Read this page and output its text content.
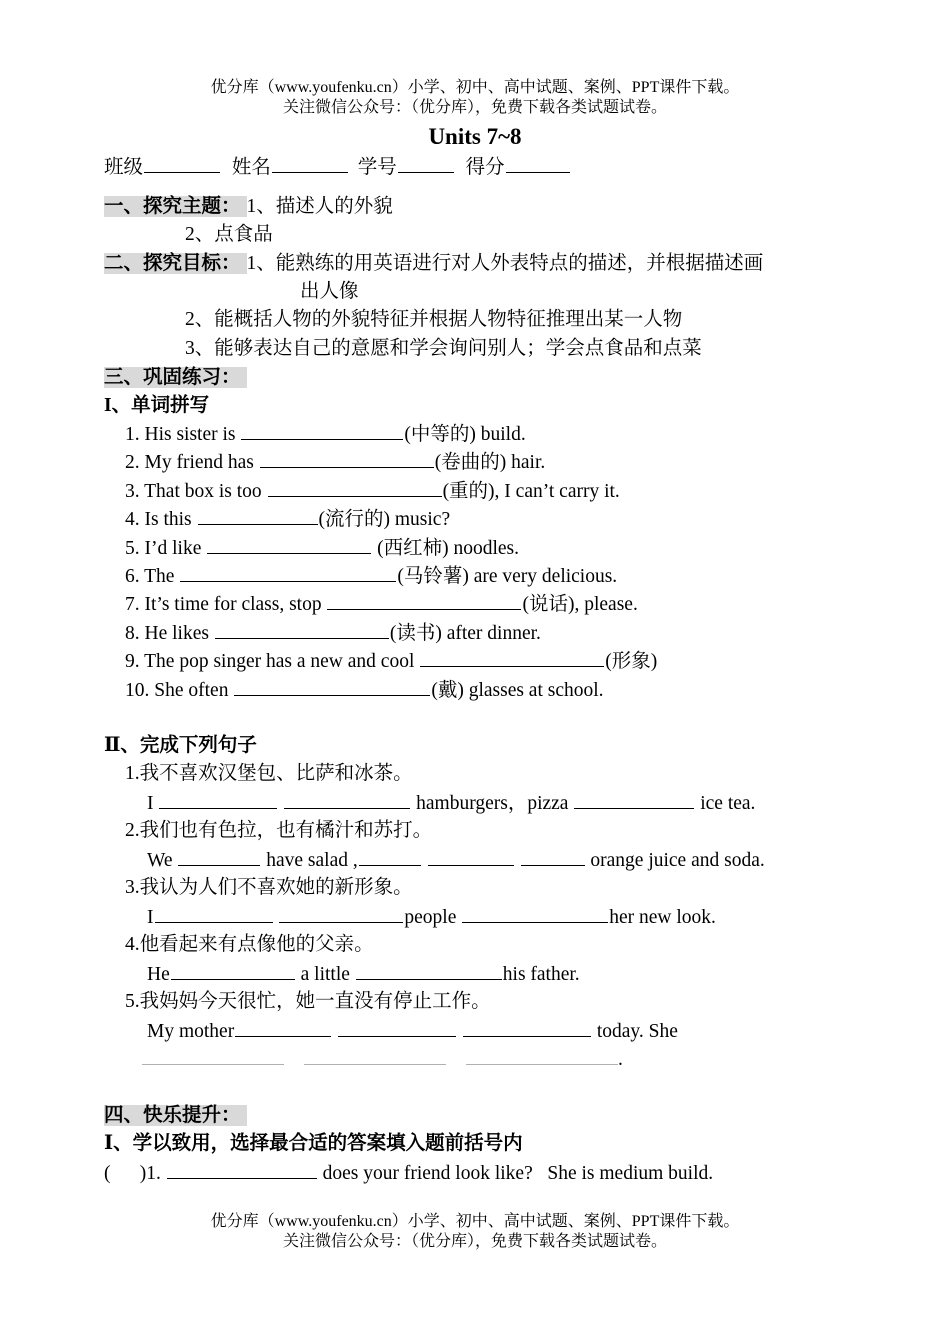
优分库（www.youfenku.cn）小学、初中、高中试题、案例、PPT课件下载。
关注微信公众号：（优分库），免费下载各类试题试卷。
Units 7~8
班级	姓名	学号	得分
一、探究主题： 1、描述人的外貌
2、点食品
二、探究目标： 1、能熟练的用英语进行对人外表特点的描述，并根据描述画
出人像
2、能概括人物的外貌特征并根据人物特征推理出某一人物
3、能够表达自己的意愿和学会询问别人；学会点食品和点菜
三、巩固练习：
I、单词拼写
1. His sister is	(中等的) build.
2. My friend has	(卷曲的) hair.
3. That box is too	(重的), I can’t carry it.
4. Is this	(流行的) music?
5. I’d like	(西红柿) noodles.
6. The	(马铃薯) are very delicious.
7. It’s time for class, stop	(说话), please.
8. He likes	(读书) after dinner.
9. The pop singer has a new and cool	(形象)
10. She often	(戴) glasses at school.
Ⅱ、完成下列句子
1.我不喜欢汉堡包、比萨和冰茶。
I	hamburgers，pizza	ice tea.
2.我们也有色拉，也有橘汁和苏打。
We	have salad ,	orange juice and soda.
3.我认为人们不喜欢她的新形象。
I	people	her new look.
4.他看起来有点像他的父亲。
He	a little	his father.
5.我妈妈今天很忙，她一直没有停止工作。
My mother	today. She
.
四、快乐提升：
Ⅰ、学以致用，选择最合适的答案填入题前括号内
(      )1.	does your friend look like?   She is medium build.
优分库（www.youfenku.cn）小学、初中、高中试题、案例、PPT课件下载。
关注微信公众号：（优分库），免费下载各类试题试卷。
